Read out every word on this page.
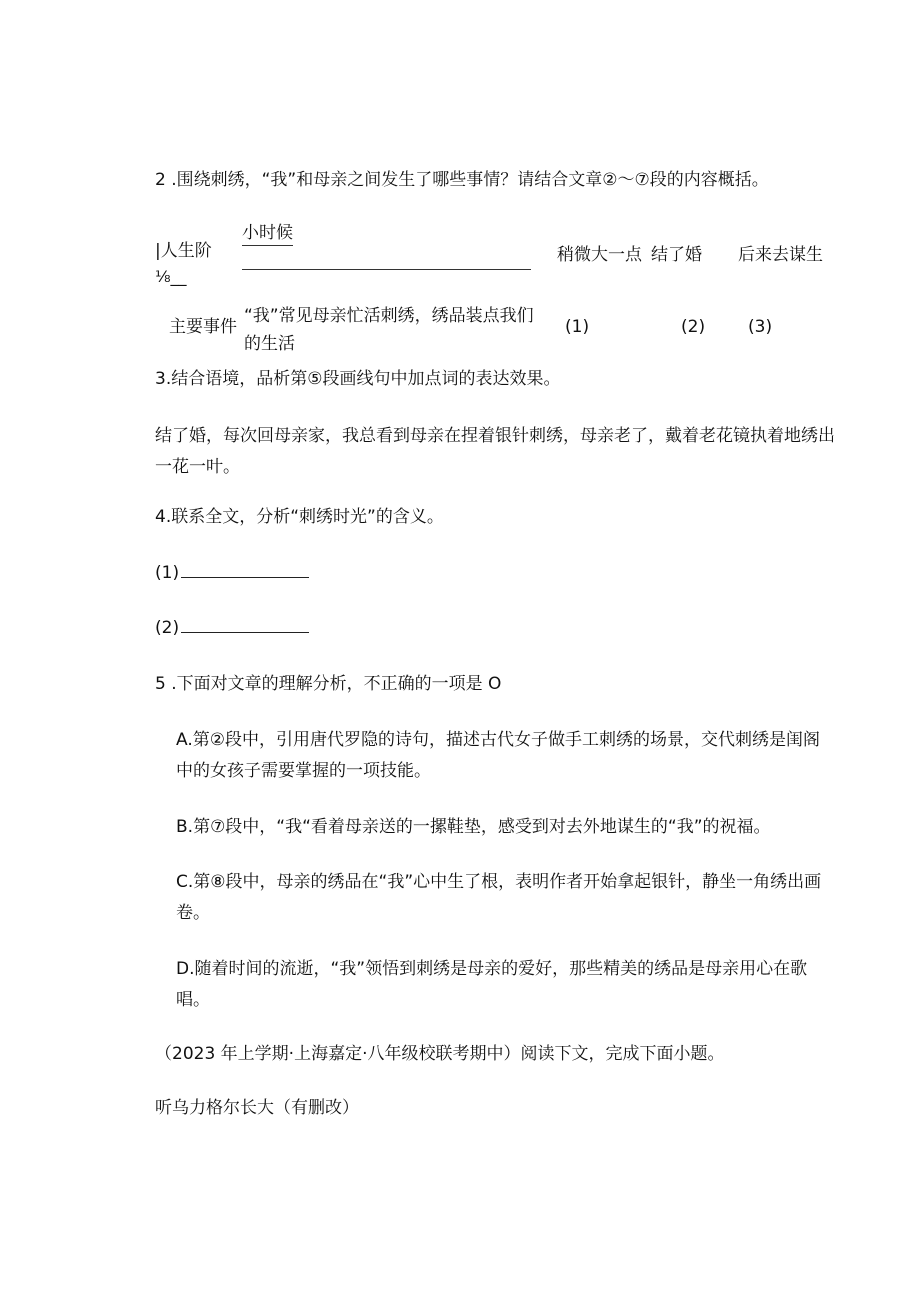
2 .围绕刺绣，“我”和母亲之间发生了哪些事情？请结合文章②〜⑦段的内容概括。
|人生阶
⅛__
小时候
稍微大一点 结了婚 后来去谋生
主要事件
“我”常见母亲忙活刺绣，绣品装点我们的生活
(1)	(2)	(3)
3.结合语境，品析第⑤段画线句中加点词的表达效果。
结了婚，每次回母亲家，我总看到母亲在捏着银针刺绣，母亲老了，戴着老花镜执着地绣出一花一叶。
4.联系全文，分析“刺绣时光”的含义。
(1)
(2)
5 .下面对文章的理解分析，不正确的一项是 O
A.第②段中，引用唐代罗隐的诗句，描述古代女子做手工刺绣的场景，交代刺绣是闺阁中的女孩子需要掌握的一项技能。
B.第⑦段中，“我“看着母亲送的一摞鞋垫，感受到对去外地谋生的“我”的祝福。
C.第⑧段中，母亲的绣品在“我”心中生了根，表明作者开始拿起银针，静坐一角绣出画卷。
D.随着时间的流逝，“我”领悟到刺绣是母亲的爱好，那些精美的绣品是母亲用心在歌唱。
（2023 年上学期·上海嘉定·八年级校联考期中）阅读下文，完成下面小题。
听乌力格尔长大（有删改）
